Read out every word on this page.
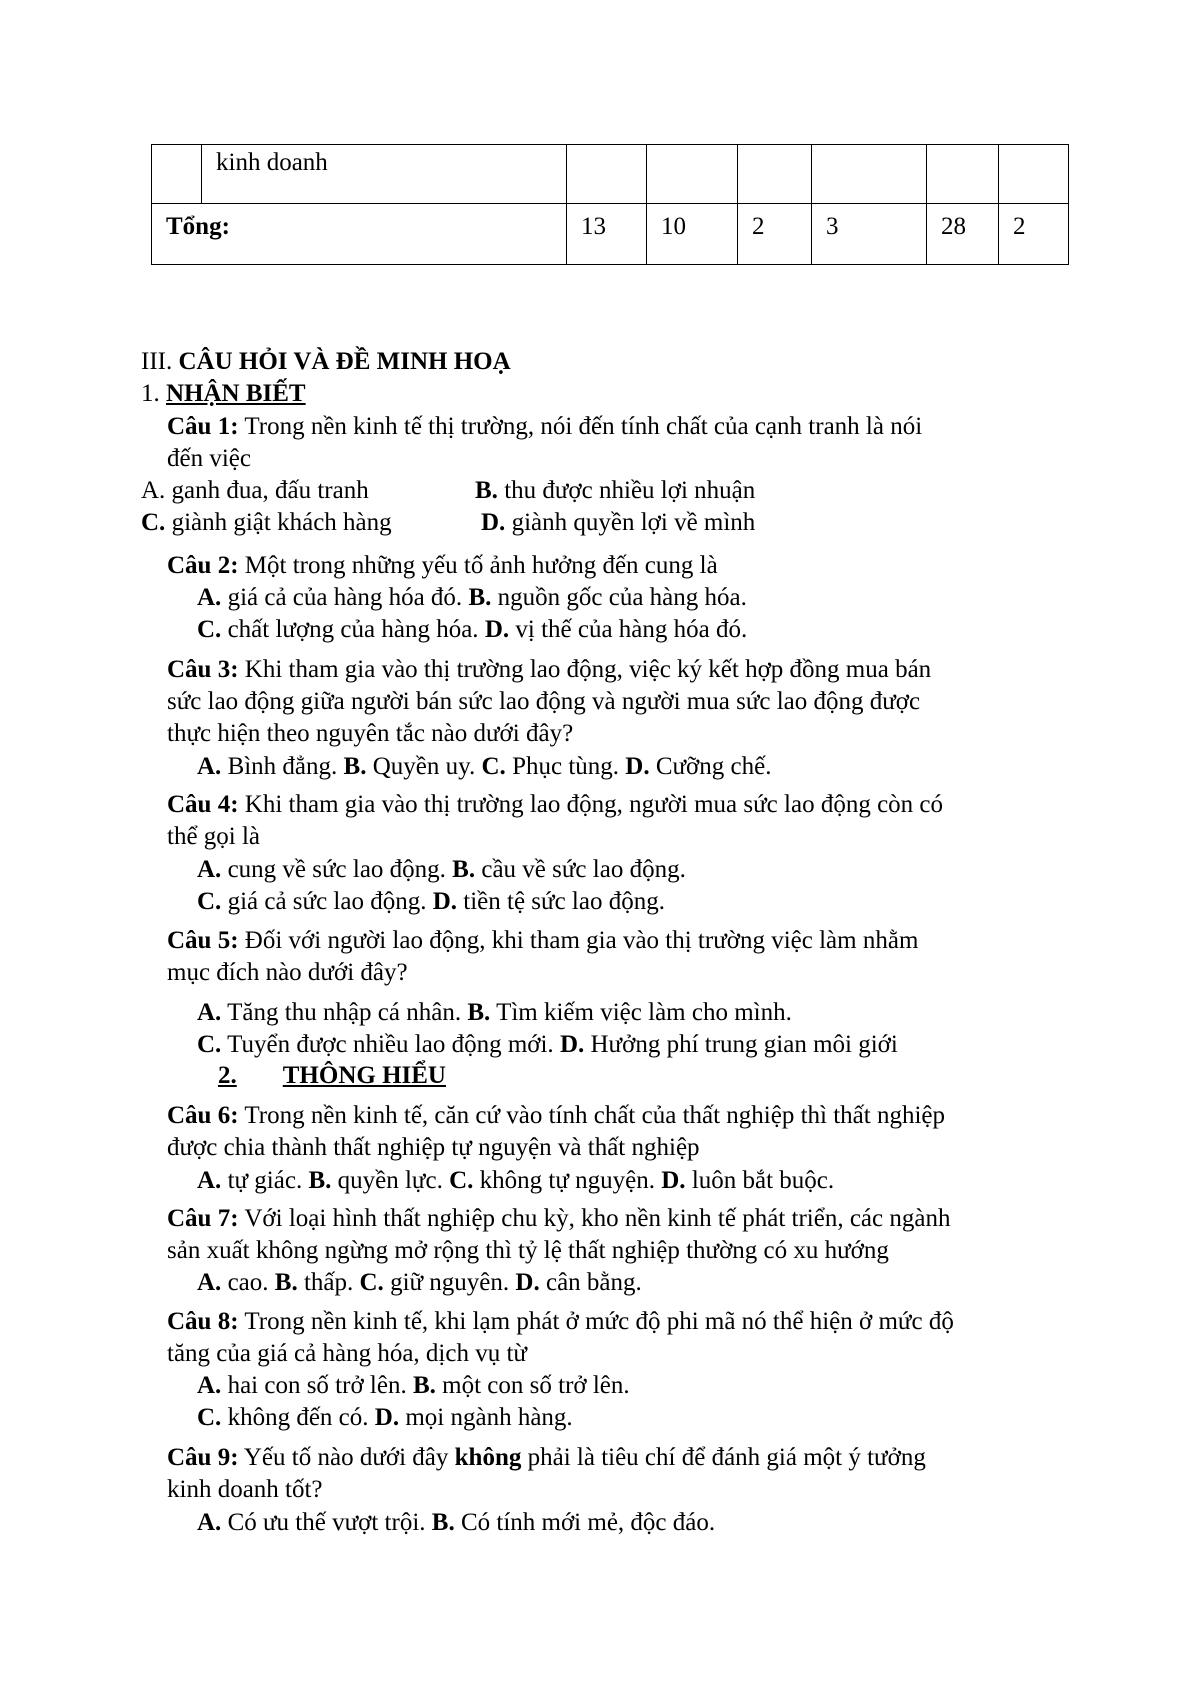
	kinh doanh						
Tổng:		13	10	2	3	28	2
III. CÂU HỎI VÀ ĐỀ MINH HOẠ
1. NHẬN BIẾT
Câu 1: Trong nền kinh tế thị trường, nói đến tính chất của cạnh tranh là nói
đến việc
A. ganh đua, đấu tranh	B. thu được nhiều lợi nhuận
C. giành giật khách hàng	D. giành quyền lợi về mình
Câu 2: Một trong những yếu tố ảnh hưởng đến cung là
A. giá cả của hàng hóa đó. B. nguồn gốc của hàng hóa.
C. chất lượng của hàng hóa. D. vị thế của hàng hóa đó.
Câu 3: Khi tham gia vào thị trường lao động, việc ký kết hợp đồng mua bán
sức lao động giữa người bán sức lao động và người mua sức lao động được
thực hiện theo nguyên tắc nào dưới đây?
A. Bình đẳng. B. Quyền uy. C. Phục tùng. D. Cưỡng chế.
Câu 4: Khi tham gia vào thị trường lao động, người mua sức lao động còn có
thể gọi là
A. cung về sức lao động. B. cầu về sức lao động.
C. giá cả sức lao động. D. tiền tệ sức lao động.
Câu 5: Đối với người lao động, khi tham gia vào thị trường việc làm nhằm
mục đích nào dưới đây?
A. Tăng thu nhập cá nhân. B. Tìm kiếm việc làm cho mình.
C. Tuyển được nhiều lao động mới. D. Hưởng phí trung gian môi giới
2. THÔNG HIỂU
Câu 6: Trong nền kinh tế, căn cứ vào tính chất của thất nghiệp thì thất nghiệp
được chia thành thất nghiệp tự nguyện và thất nghiệp
A. tự giác. B. quyền lực. C. không tự nguyện. D. luôn bắt buộc.
Câu 7: Với loại hình thất nghiệp chu kỳ, kho nền kinh tế phát triển, các ngành
sản xuất không ngừng mở rộng thì tỷ lệ thất nghiệp thường có xu hướng
A. cao. B. thấp. C. giữ nguyên. D. cân bằng.
Câu 8: Trong nền kinh tế, khi lạm phát ở mức độ phi mã nó thể hiện ở mức độ
tăng của giá cả hàng hóa, dịch vụ từ
A. hai con số trở lên. B. một con số trở lên.
C. không đến có. D. mọi ngành hàng.
Câu 9: Yếu tố nào dưới đây không phải là tiêu chí để đánh giá một ý tưởng
kinh doanh tốt?
A. Có ưu thế vượt trội. B. Có tính mới mẻ, độc đáo.
